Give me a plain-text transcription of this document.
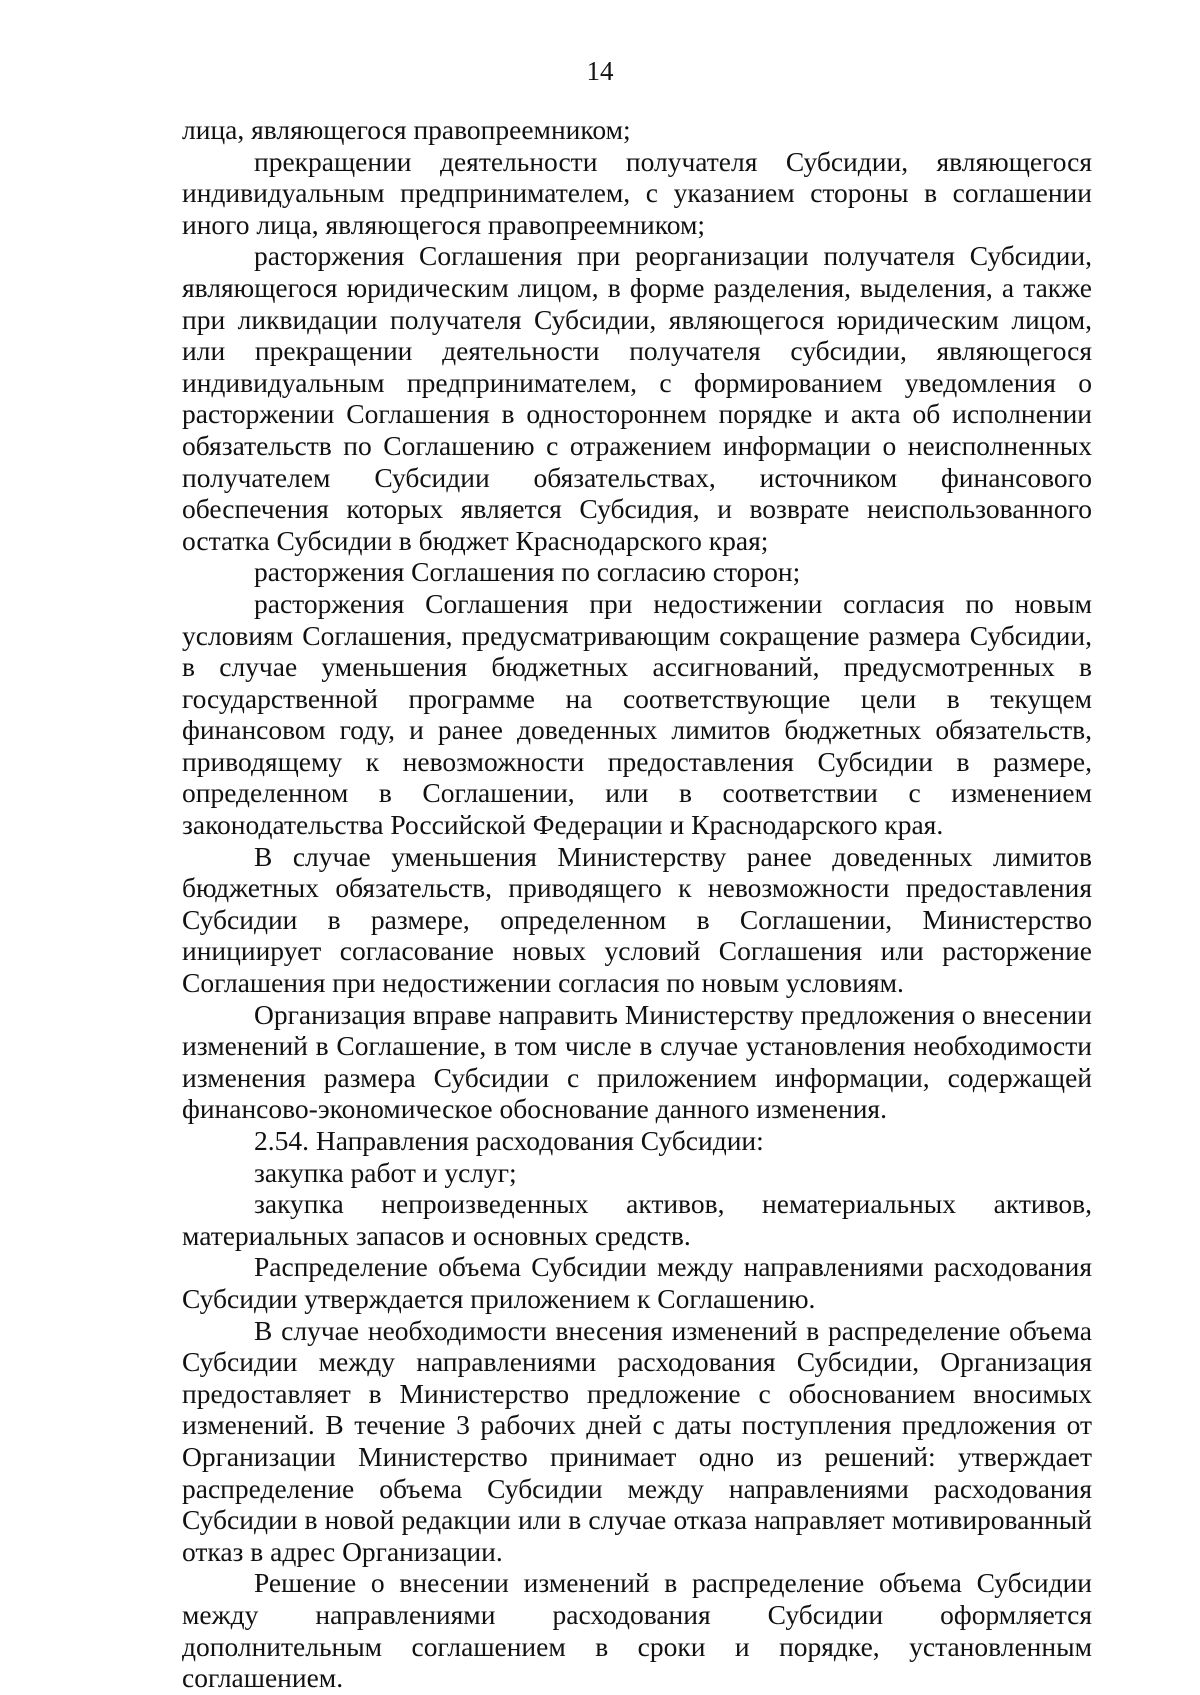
14

лица, являющегося правопреемником;

прекращении деятельности получателя Субсидии, являющегося индивидуальным предпринимателем, с указанием стороны в соглашении иного лица, являющегося правопреемником;

расторжения Соглашения при реорганизации получателя Субсидии, являющегося юридическим лицом, в форме разделения, выделения, а также при ликвидации получателя Субсидии, являющегося юридическим лицом, или прекращении деятельности получателя субсидии, являющегося индивидуальным предпринимателем, с формированием уведомления о расторжении Соглашения в одностороннем порядке и акта об исполнении обязательств по Соглашению с отражением информации о неисполненных получателем Субсидии обязательствах, источником финансового обеспечения которых является Субсидия, и возврате неиспользованного остатка Субсидии в бюджет Краснодарского края;

расторжения Соглашения по согласию сторон;

расторжения Соглашения при недостижении согласия по новым условиям Соглашения, предусматривающим сокращение размера Субсидии, в случае уменьшения бюджетных ассигнований, предусмотренных в государственной программе на соответствующие цели в текущем финансовом году, и ранее доведенных лимитов бюджетных обязательств, приводящему к невозможности предоставления Субсидии в размере, определенном в Соглашении, или в соответствии с изменением законодательства Российской Федерации и Краснодарского края.

В случае уменьшения Министерству ранее доведенных лимитов бюджетных обязательств, приводящего к невозможности предоставления Субсидии в размере, определенном в Соглашении, Министерство инициирует согласование новых условий Соглашения или расторжение Соглашения при недостижении согласия по новым условиям.

Организация вправе направить Министерству предложения о внесении изменений в Соглашение, в том числе в случае установления необходимости изменения размера Субсидии с приложением информации, содержащей финансово-экономическое обоснование данного изменения.

2.54. Направления расходования Субсидии:

закупка работ и услуг;

закупка непроизведенных активов, нематериальных активов, материальных запасов и основных средств.

Распределение объема Субсидии между направлениями расходования Субсидии утверждается приложением к Соглашению.

В случае необходимости внесения изменений в распределение объема Субсидии между направлениями расходования Субсидии, Организация предоставляет в Министерство предложение с обоснованием вносимых изменений. В течение 3 рабочих дней с даты поступления предложения от Организации Министерство принимает одно из решений: утверждает распределение объема Субсидии между направлениями расходования Субсидии в новой редакции или в случае отказа направляет мотивированный отказ в адрес Организации.

Решение о внесении изменений в распределение объема Субсидии между направлениями расходования Субсидии оформляется дополнительным соглашением в сроки и порядке, установленным соглашением.
